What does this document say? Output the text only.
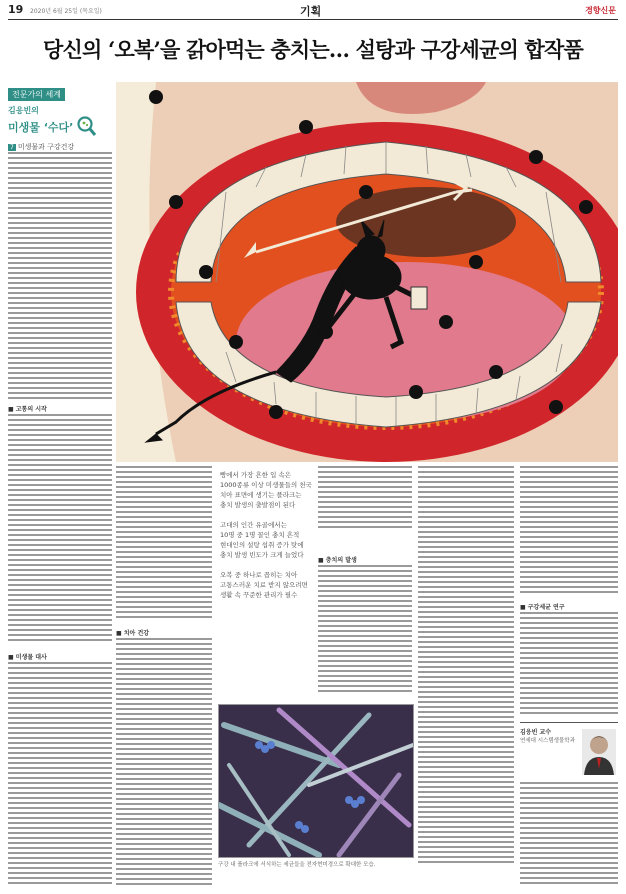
19 2020년 6월 25일 (목요일)	기획	경향신문
당신의 ‘오복’을 갉아먹는 충치는… 설탕과 구강세균의 합작품
전문가의 세계
김응빈의
미생물 ‘수다’
7 미생물과 구강건강
■ 고통의 시작
■ 미생물 대사
■ 치아 건강
빵에서 가장 흔한 입 속은
1000종류 이상 미생물들의 천국
치아 표면에 생기는 플라크는
충치 발생의 출발점이 된다
고대의 인간 유골에서는
10명 중 1명 꼴인 충치 흔적
현대인의 설탕 섭취 증가 탓에
충치 발생 빈도가 크게 늘었다
오복 중 하나로 꼽히는 치아
고통스러운 치료 받지 않으려면
생활 속 꾸준한 관리가 필수
구강 내 플라크에 서식하는 세균들을 전자현미경으로 확대한 모습.
■ 충치의 발생
■ 구강세균 연구
김응빈 교수
연세대 시스템생물학과
